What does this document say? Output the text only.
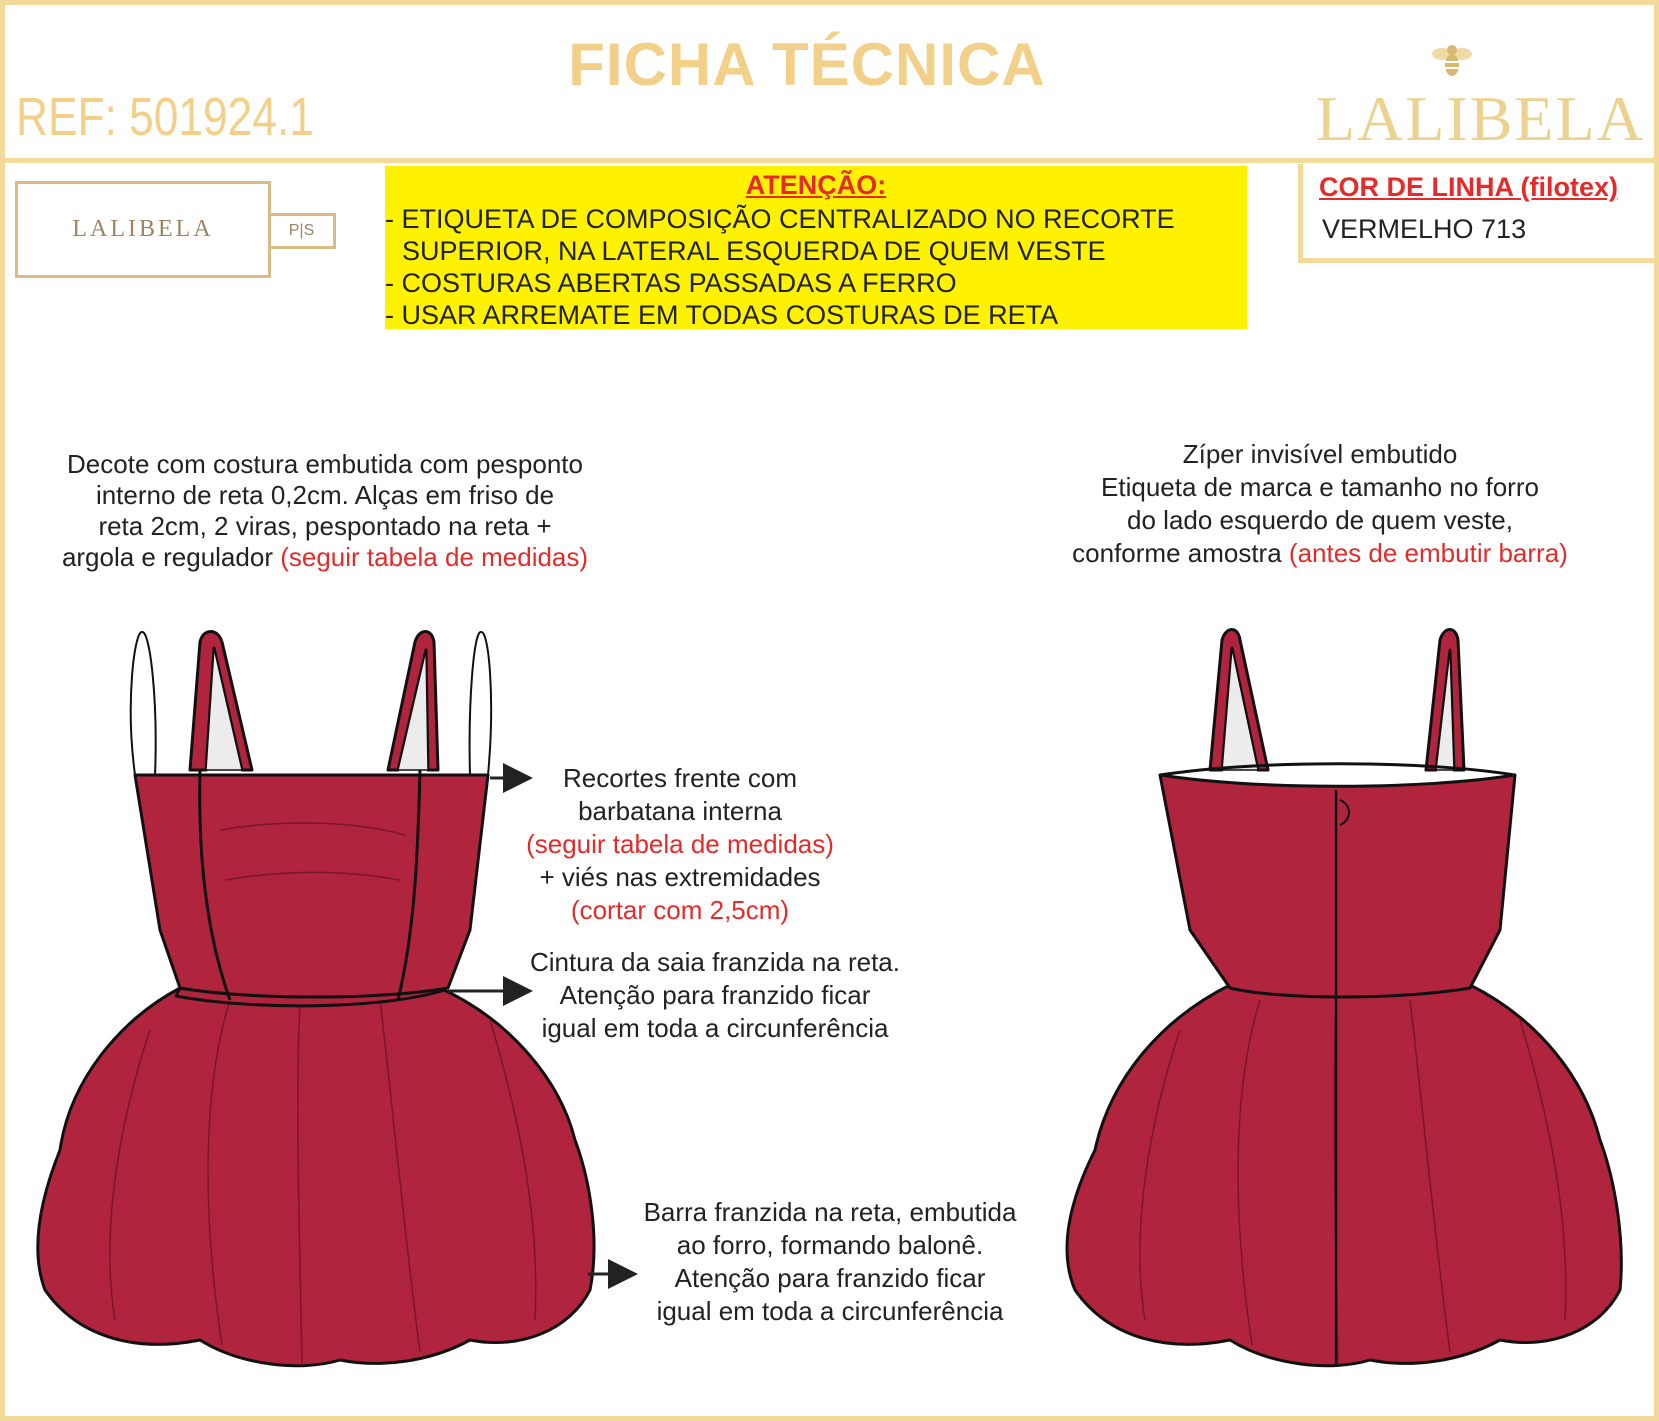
FICHA TÉCNICA
REF: 501924.1	LALIBELA
LALIBELA	P|S
ATENÇÃO:
- ETIQUETA DE COMPOSIÇÃO CENTRALIZADO NO RECORTE
SUPERIOR, NA LATERAL ESQUERDA DE QUEM VESTE
- COSTURAS ABERTAS PASSADAS A FERRO
- USAR ARREMATE EM TODAS COSTURAS DE RETA
COR DE LINHA (filotex)
VERMELHO 713
Decote com costura embutida com pesponto
interno de reta 0,2cm. Alças em friso de
reta 2cm, 2 viras, pespontado na reta +
argola e regulador (seguir tabela de medidas)
Zíper invisível embutido
Etiqueta de marca e tamanho no forro
do lado esquerdo de quem veste,
conforme amostra (antes de embutir barra)
Recortes frente com
barbatana interna
(seguir tabela de medidas)
+ viés nas extremidades
(cortar com 2,5cm)
Cintura da saia franzida na reta.
Atenção para franzido ficar
igual em toda a circunferência
Barra franzida na reta, embutida
ao forro, formando balonê.
Atenção para franzido ficar
igual em toda a circunferência
